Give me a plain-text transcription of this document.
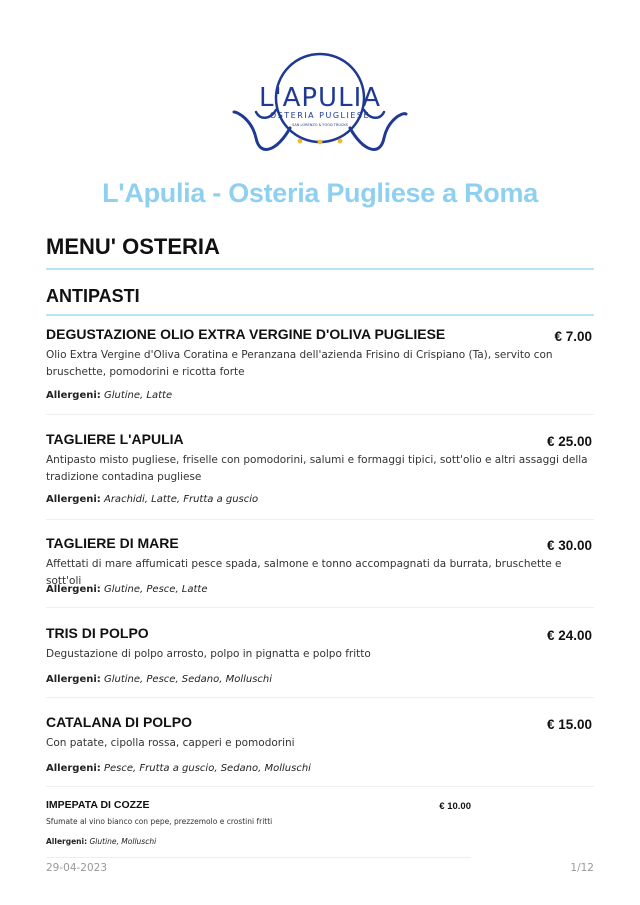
L'APULIA
OSTERIA PUGLIESE
SAN LORENZO & FOOD TRUCKS
L'Apulia - Osteria Pugliese a Roma
MENU' OSTERIA
ANTIPASTI
DEGUSTAZIONE OLIO EXTRA VERGINE D'OLIVA PUGLIESE	€ 7.00
Olio Extra Vergine d'Oliva Coratina e Peranzana dell'azienda Frisino di Crispiano (Ta), servito con bruschette, pomodorini e ricotta forte
Allergeni: Glutine, Latte
TAGLIERE L'APULIA	€ 25.00
Antipasto misto pugliese, friselle con pomodorini, salumi e formaggi tipici, sott'olio e altri assaggi della tradizione contadina pugliese
Allergeni: Arachidi, Latte, Frutta a guscio
TAGLIERE DI MARE	€ 30.00
Affettati di mare affumicati pesce spada, salmone e tonno accompagnati da burrata, bruschette e sott'oli
Allergeni: Glutine, Pesce, Latte
TRIS DI POLPO	€ 24.00
Degustazione di polpo arrosto, polpo in pignatta e polpo fritto
Allergeni: Glutine, Pesce, Sedano, Molluschi
CATALANA DI POLPO	€ 15.00
Con patate, cipolla rossa, capperi e pomodorini
Allergeni: Pesce, Frutta a guscio, Sedano, Molluschi
IMPEPATA DI COZZE	€ 10.00
Sfumate al vino bianco con pepe, prezzemolo e crostini fritti
Allergeni: Glutine, Molluschi
29-04-2023	1/12
